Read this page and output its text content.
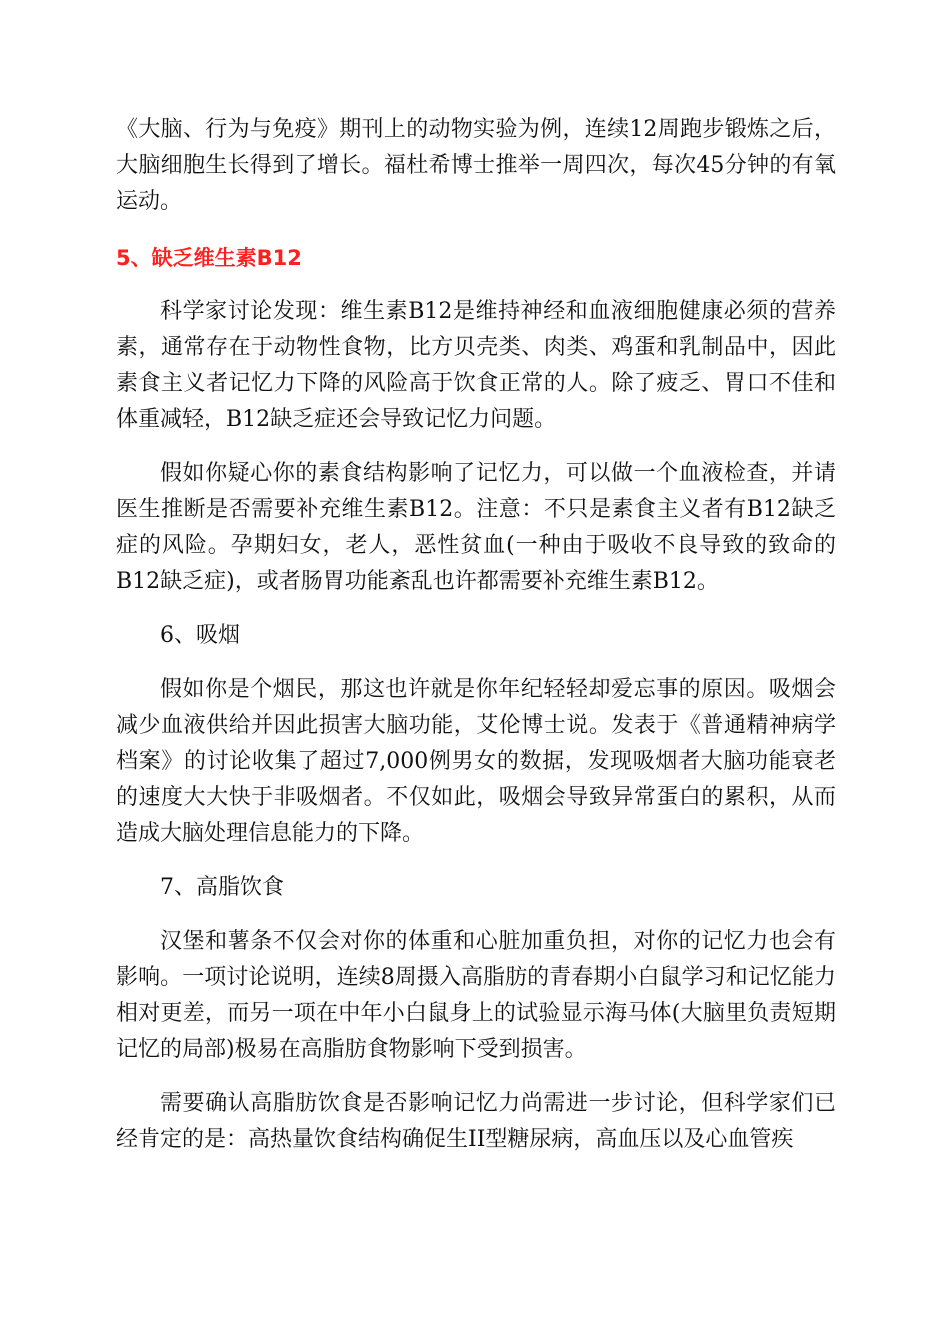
《大脑、行为与免疫》期刊上的动物实验为例，连续12周跑步锻炼之后，大脑细胞生长得到了增长。福杜希博士推举一周四次，每次45分钟的有氧运动。

5、缺乏维生素B12

科学家讨论发现：维生素B12是维持神经和血液细胞健康必须的营养素，通常存在于动物性食物，比方贝壳类、肉类、鸡蛋和乳制品中，因此素食主义者记忆力下降的风险高于饮食正常的人。除了疲乏、胃口不佳和体重减轻，B12缺乏症还会导致记忆力问题。

假如你疑心你的素食结构影响了记忆力，可以做一个血液检查，并请医生推断是否需要补充维生素B12。注意：不只是素食主义者有B12缺乏症的风险。孕期妇女，老人，恶性贫血(一种由于吸收不良导致的致命的B12缺乏症)，或者肠胃功能紊乱也许都需要补充维生素B12。

6、吸烟

假如你是个烟民，那这也许就是你年纪轻轻却爱忘事的原因。吸烟会减少血液供给并因此损害大脑功能，艾伦博士说。发表于《普通精神病学档案》的讨论收集了超过7,000例男女的数据，发现吸烟者大脑功能衰老的速度大大快于非吸烟者。不仅如此，吸烟会导致异常蛋白的累积，从而造成大脑处理信息能力的下降。

7、高脂饮食

汉堡和薯条不仅会对你的体重和心脏加重负担，对你的记忆力也会有影响。一项讨论说明，连续8周摄入高脂肪的青春期小白鼠学习和记忆能力相对更差，而另一项在中年小白鼠身上的试验显示海马体(大脑里负责短期记忆的局部)极易在高脂肪食物影响下受到损害。

需要确认高脂肪饮食是否影响记忆力尚需进一步讨论，但科学家们已经肯定的是：高热量饮食结构确促生II型糖尿病，高血压以及心血管疾
